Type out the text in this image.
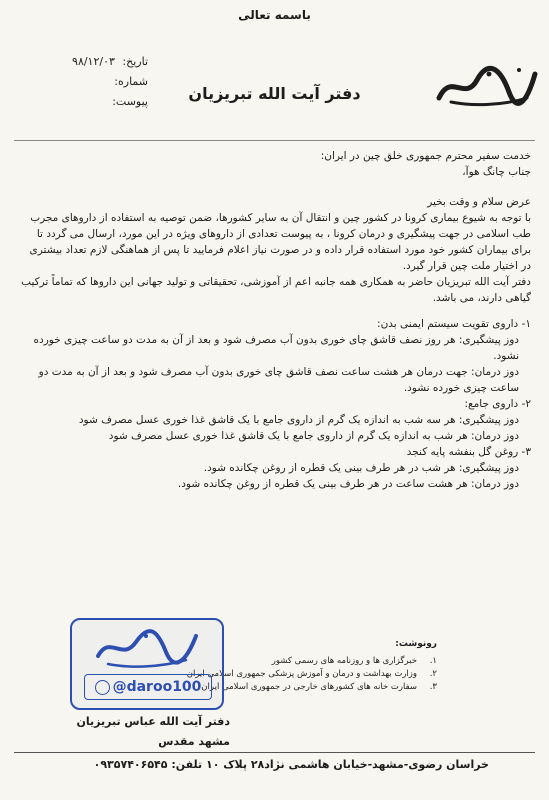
باسمه تعالی
دفتر آیت الله تبریزیان
تاریخ: ۹۸/۱۲/۰۳
شماره:
پیوست:

خدمت سفیر محترم جمهوری خلق چین در ایران:

جناب چانگ هوآ،

عرض سلام و وقت بخیر

با توجه به شیوع بیماری کرونا در کشور چین و انتقال آن به سایر کشورها، ضمن توصیه به استفاده از داروهای مجرب طب اسلامی در جهت پیشگیری و درمان کرونا ، به پیوست تعدادی از داروهای ویژه در این مورد، ارسال می گردد تا برای بیماران کشور خود مورد استفاده قرار داده و در صورت نیاز اعلام فرمایید تا پس از هماهنگی لازم تعداد بیشتری در اختیار ملت چین قرار گیرد.

دفتر آیت الله تبریزیان حاضر به همکاری همه جانبه اعم از آموزشی، تحقیقاتی و تولید جهانی این داروها که تماماً ترکیب گیاهی دارند، می باشد.

۱- داروی تقویت سیستم ایمنی بدن:

دوز پیشگیری: هر روز نصف قاشق چای خوری بدون آب مصرف شود و بعد از آن به مدت دو ساعت چیزی خورده نشود.

دوز درمان: جهت درمان هر هشت ساعت نصف قاشق چای خوری بدون آب مصرف شود و بعد از آن به مدت دو ساعت چیزی خورده نشود.

۲- داروی جامع:

دوز پیشگیری: هر سه شب به اندازه یک گرم از داروی جامع با یک قاشق غذا خوری عسل مصرف شود

دوز درمان: هر شب به اندازه یک گرم از داروی جامع با یک قاشق غذا خوری عسل مصرف شود

۳- روغن گل بنفشه پایه کنجد

دوز پیشگیری: هر شب در هر طرف بینی یک قطره از روغن چکانده شود.

دوز درمان: هر هشت ساعت در هر طرف بینی یک قطره از روغن چکانده شود.

رونوشت:
۱.
خبرگزاری ها و روزنامه های رسمی کشور
۲.
وزارت بهداشت و درمان و آموزش پزشکی جمهوری اسلامی ایران
۳.
سفارت خانه های کشورهای خارجی در جمهوری اسلامی ایران
@daroo100
دفتر آیت الله عباس تبریزیان
مشهد مقدس
خراسان رضوی-مشهد-خیابان هاشمی نژاد۲۸ پلاک ۱۰ تلفن: ۰۹۳۵۷۴۰۶۵۴۵
